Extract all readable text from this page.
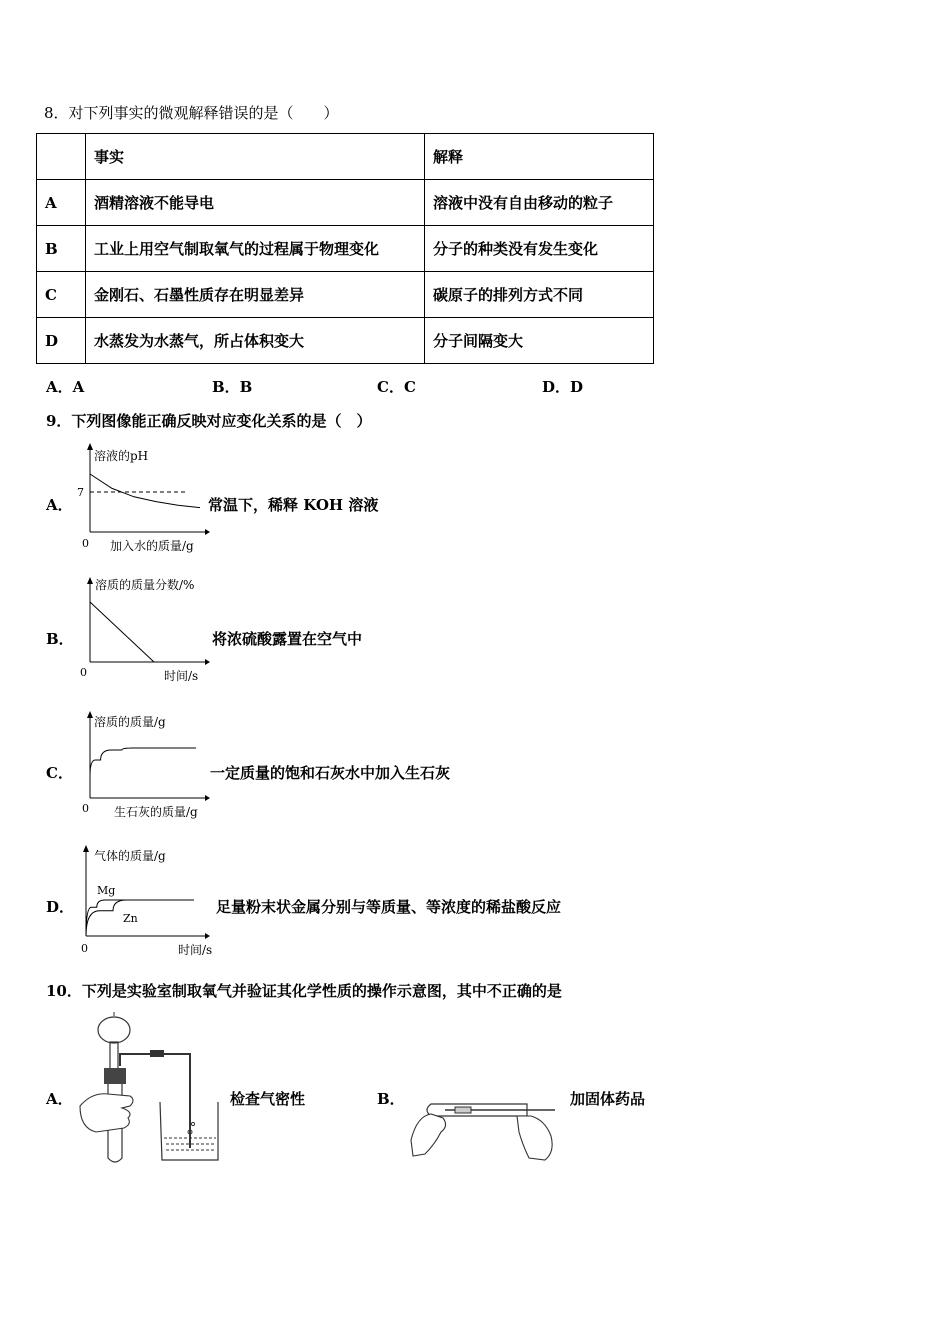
8．对下列事实的微观解释错误的是（　　）
	事实	解释
A	酒精溶液不能导电	溶液中没有自由移动的粒子
B	工业上用空气制取氧气的过程属于物理变化	分子的种类没有发生变化
C	金刚石、石墨性质存在明显差异	碳原子的排列方式不同
D	水蒸发为水蒸气，所占体积变大	分子间隔变大
A．A	B．B	C．C	D．D
9．下列图像能正确反映对应变化关系的是（　）
A．
溶液的pH
7
0 加入水的质量/g
常温下，稀释 KOH 溶液
B．
溶质的质量分数/%
0	时间/s
将浓硫酸露置在空气中
C．
溶质的质量/g
0 生石灰的质量/g
一定质量的饱和石灰水中加入生石灰
D．
气体的质量/g
Mg
Zn
0	时间/s
足量粉末状金属分别与等质量、等浓度的稀盐酸反应
10．下列是实验室制取氧气并验证其化学性质的操作示意图，其中不正确的是
A．	检查气密性	B．	加固体药品
